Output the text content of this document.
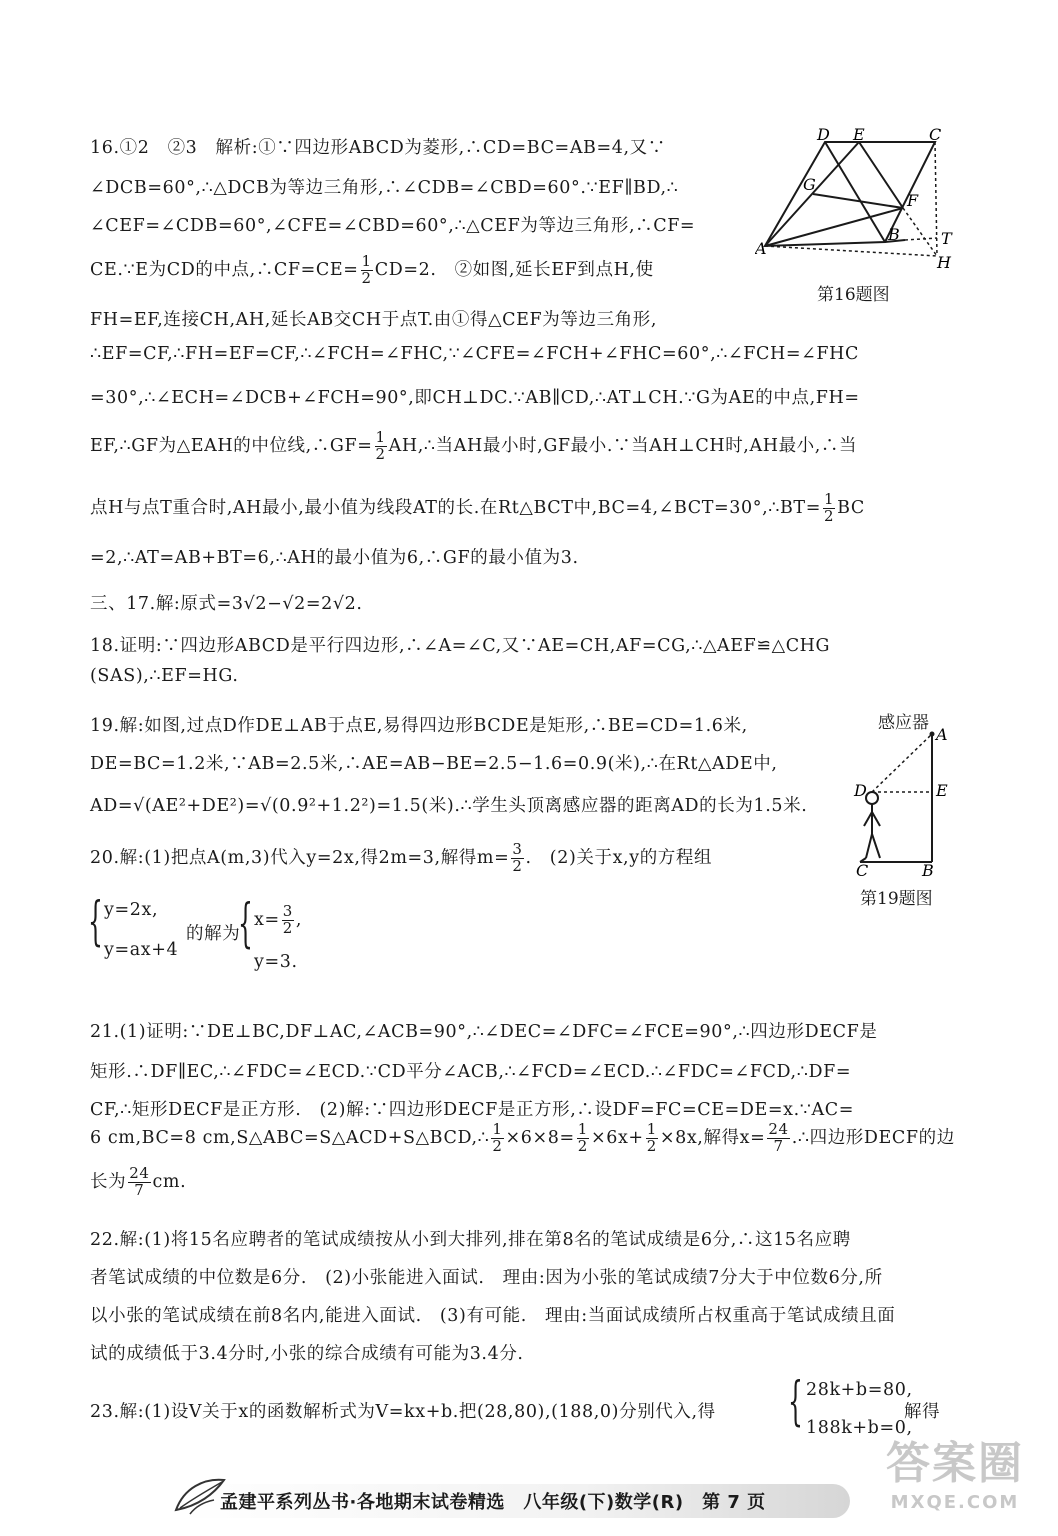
16.①2　②3　解析:①∵四边形ABCD为菱形,∴CD=BC=AB=4,又∵
∠DCB=60°,∴△DCB为等边三角形,∴∠CDB=∠CBD=60°.∵EF∥BD,∴
∠CEF=∠CDB=60°,∠CFE=∠CBD=60°,∴△CEF为等边三角形,∴CF=
CE.∵E为CD的中点,∴CF=CE= $\frac{1}{2} CD=2$.　②如图,延长EF到点H,使
FH=EF,连接CH,AH,延长AB交CH于点T.由①得△CEF为等边三角形,
∴EF=CF,∴FH=EF=CF,∴∠FCH=∠FHC,∵∠CFE=∠FCH+∠FHC=60°,∴∠FCH=∠FHC
=30°,∴∠ECH=∠DCB+∠FCH=90°,即CH⊥DC.∵AB∥CD,∴AT⊥CH.∵G为AE的中点,FH=
EF,∴GF为△EAH的中位线,∴GF= $\frac{1}{2}$ AH,∴当AH最小时,GF最小.∵当AH⊥CH时,AH最小,∴当
点H与点T重合时,AH最小,最小值为线段AT的长.在Rt△BCT中,BC=4,∠BCT=30°,∴BT= $\frac{1}{2}$ BC
=2,∴AT=AB+BT=6,∴AH的最小值为6,∴GF的最小值为3.
D E	C
G
F
A
B	T
H
第16题图
三、17.解:原式=3√2−√2=2√2.
18.证明:∵四边形ABCD是平行四边形,∴∠A=∠C,又∵AE=CH,AF=CG,∴△AEF≌△CHG
(SAS),∴EF=HG.
19.解:如图,过点D作DE⊥AB于点E,易得四边形BCDE是矩形,∴BE=CD=1.6米,
DE=BC=1.2米,∵AB=2.5米,∴AE=AB−BE=2.5−1.6=0.9(米),∴在Rt△ADE中,
AD=√(AE²+DE²)=√(0.9²+1.2²)=1.5(米).∴学生头顶离感应器的距离AD的长为1.5米.
感应器
A
D	E
C	B
第19题图
20.解:(1)把点A(m,3)代入y=2x,得2m=3,解得$m= \frac{3}{2}$ .　(2)关于x,y的方程组
{ y=2x,
y=ax+4
的解为
{ $x= \frac{3}{2}$ ,
y=3.
21.(1)证明:∵DE⊥BC,DF⊥AC,∠ACB=90°,∴∠DEC=∠DFC=∠FCE=90°,∴四边形DECF是
矩形.∴DF∥EC,∴∠FDC=∠ECD.∵CD平分∠ACB,∴∠FCD=∠ECD.∴∠FDC=∠FCD,∴DF=
CF,∴矩形DECF是正方形.　(2)解:∵四边形DECF是正方形,∴设DF=FC=CE=DE=x.∵AC=
6 cm,BC=8 cm,S△ABC=S△ACD+S△BCD,∴ $\frac{1}{2} \times 6\times 8= \frac{1}{2} \times 6x+ \frac{1}{2} \times 8x$,解得$x= \frac{24}{7}$ .∴四边形DECF的边
长为 $\frac{24}{7}$ cm.
22.解:(1)将15名应聘者的笔试成绩按从小到大排列,排在第8名的笔试成绩是6分,∴这15名应聘
者笔试成绩的中位数是6分.　(2)小张能进入面试.　理由:因为小张的笔试成绩7分大于中位数6分,所
以小张的笔试成绩在前8名内,能进入面试.　(3)有可能.　理由:当面试成绩所占权重高于笔试成绩且面
试的成绩低于3.4分时,小张的综合成绩有可能为3.4分.
23.解:(1)设V关于x的函数解析式为V=kx+b.把(28,80),(188,0)分别代入,得 { 28k+b=80,
188k+b=0,
解得
孟建平系列丛书·各地期末试卷精选　八年级(下)数学(R)　第 7 页
答案圈
MXQE.COM
